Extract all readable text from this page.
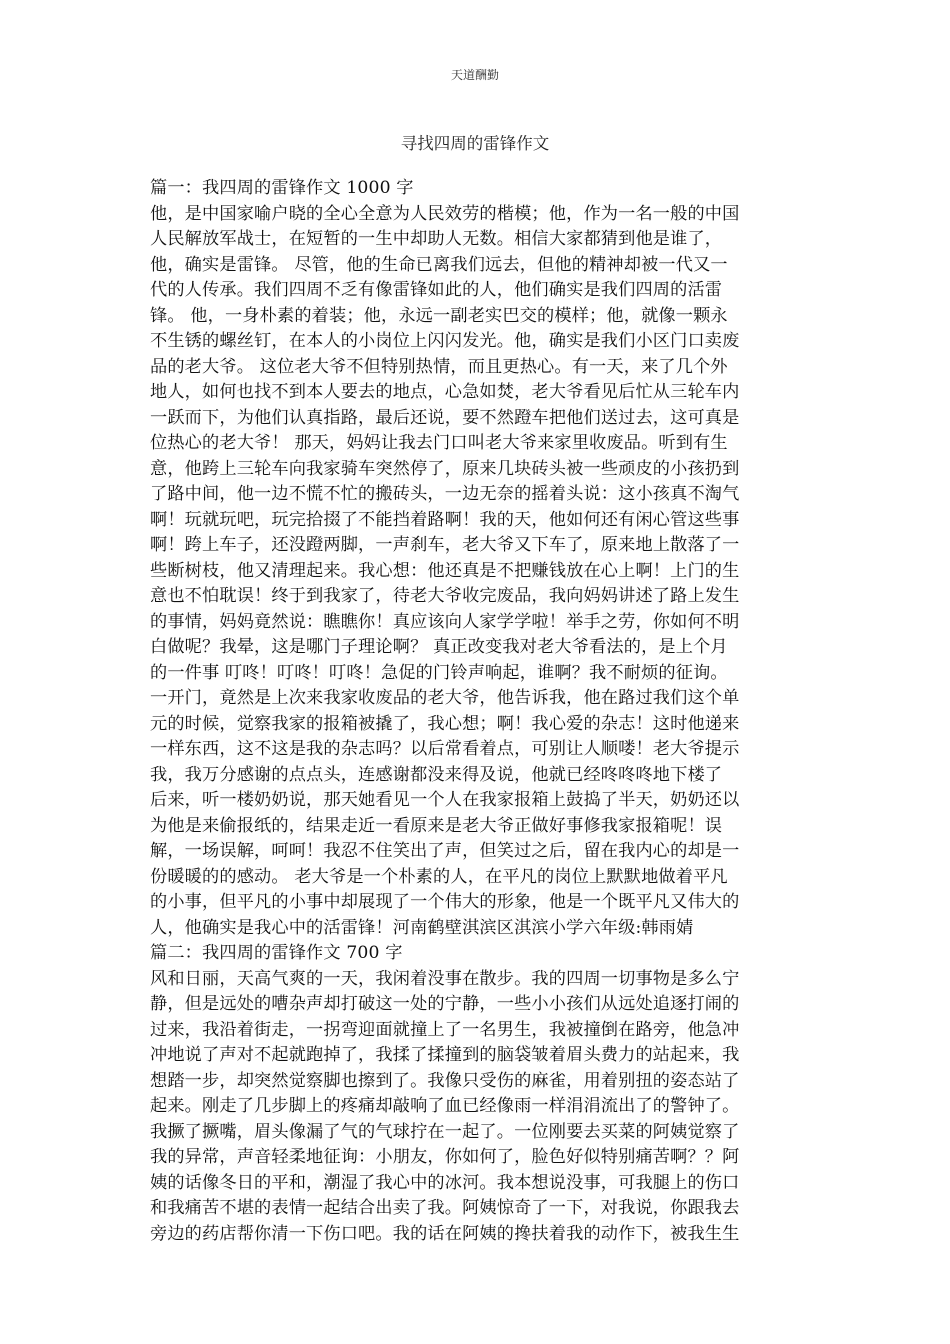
天道酬勤
寻找四周的雷锋作文
篇一：我四周的雷锋作文 1000 字
他，是中国家喻户晓的全心全意为人民效劳的楷模；他，作为一名一般的中国
人民解放军战士，在短暂的一生中却助人无数。相信大家都猜到他是谁了，
他，确实是雷锋。 尽管，他的生命已离我们远去，但他的精神却被一代又一
代的人传承。我们四周不乏有像雷锋如此的人，他们确实是我们四周的活雷
锋。 他，一身朴素的着装；他，永远一副老实巴交的模样；他，就像一颗永
不生锈的螺丝钉，在本人的小岗位上闪闪发光。他，确实是我们小区门口卖废
品的老大爷。 这位老大爷不但特别热情，而且更热心。有一天，来了几个外
地人，如何也找不到本人要去的地点，心急如焚，老大爷看见后忙从三轮车内
一跃而下，为他们认真指路，最后还说，要不然蹬车把他们送过去，这可真是
位热心的老大爷！ 那天，妈妈让我去门口叫老大爷来家里收废品。听到有生
意，他跨上三轮车向我家骑车突然停了，原来几块砖头被一些顽皮的小孩扔到
了路中间，他一边不慌不忙的搬砖头，一边无奈的摇着头说：这小孩真不淘气
啊！玩就玩吧，玩完拾掇了不能挡着路啊！我的天，他如何还有闲心管这些事
啊！跨上车子，还没蹬两脚，一声刹车，老大爷又下车了，原来地上散落了一
些断树枝，他又清理起来。我心想：他还真是不把赚钱放在心上啊！上门的生
意也不怕耽误！终于到我家了，待老大爷收完废品，我向妈妈讲述了路上发生
的事情，妈妈竟然说：瞧瞧你！真应该向人家学学啦！举手之劳，你如何不明
白做呢？我晕，这是哪门子理论啊？ 真正改变我对老大爷看法的，是上个月
的一件事 叮咚！叮咚！叮咚！急促的门铃声响起，谁啊？我不耐烦的征询。
一开门，竟然是上次来我家收废品的老大爷，他告诉我，他在路过我们这个单
元的时候，觉察我家的报箱被撬了，我心想；啊！我心爱的杂志！这时他递来
一样东西，这不这是我的杂志吗？以后常看着点，可别让人顺喽！老大爷提示
我，我万分感谢的点点头，连感谢都没来得及说，他就已经咚咚咚地下楼了
后来，听一楼奶奶说，那天她看见一个人在我家报箱上鼓捣了半天，奶奶还以
为他是来偷报纸的，结果走近一看原来是老大爷正做好事修我家报箱呢！误
解，一场误解，呵呵！我忍不住笑出了声，但笑过之后，留在我内心的却是一
份暖暖的的感动。 老大爷是一个朴素的人，在平凡的岗位上默默地做着平凡
的小事，但平凡的小事中却展现了一个伟大的形象，他是一个既平凡又伟大的
人，他确实是我心中的活雷锋！河南鹤壁淇滨区淇滨小学六年级:韩雨婧
篇二：我四周的雷锋作文 700 字
风和日丽，天高气爽的一天，我闲着没事在散步。我的四周一切事物是多么宁
静，但是远处的嘈杂声却打破这一处的宁静，一些小小孩们从远处追逐打闹的
过来，我沿着街走，一拐弯迎面就撞上了一名男生，我被撞倒在路旁，他急冲
冲地说了声对不起就跑掉了，我揉了揉撞到的脑袋皱着眉头费力的站起来，我
想踏一步，却突然觉察脚也擦到了。我像只受伤的麻雀，用着别扭的姿态站了
起来。刚走了几步脚上的疼痛却敲响了血已经像雨一样涓涓流出了的警钟了。
我撅了撅嘴，眉头像漏了气的气球拧在一起了。一位刚要去买菜的阿姨觉察了
我的异常，声音轻柔地征询：小朋友，你如何了，脸色好似特别痛苦啊？？阿
姨的话像冬日的平和，潮湿了我心中的冰河。我本想说没事，可我腿上的伤口
和我痛苦不堪的表情一起结合出卖了我。阿姨惊奇了一下，对我说，你跟我去
旁边的药店帮你清一下伤口吧。我的话在阿姨的搀扶着我的动作下，被我生生
